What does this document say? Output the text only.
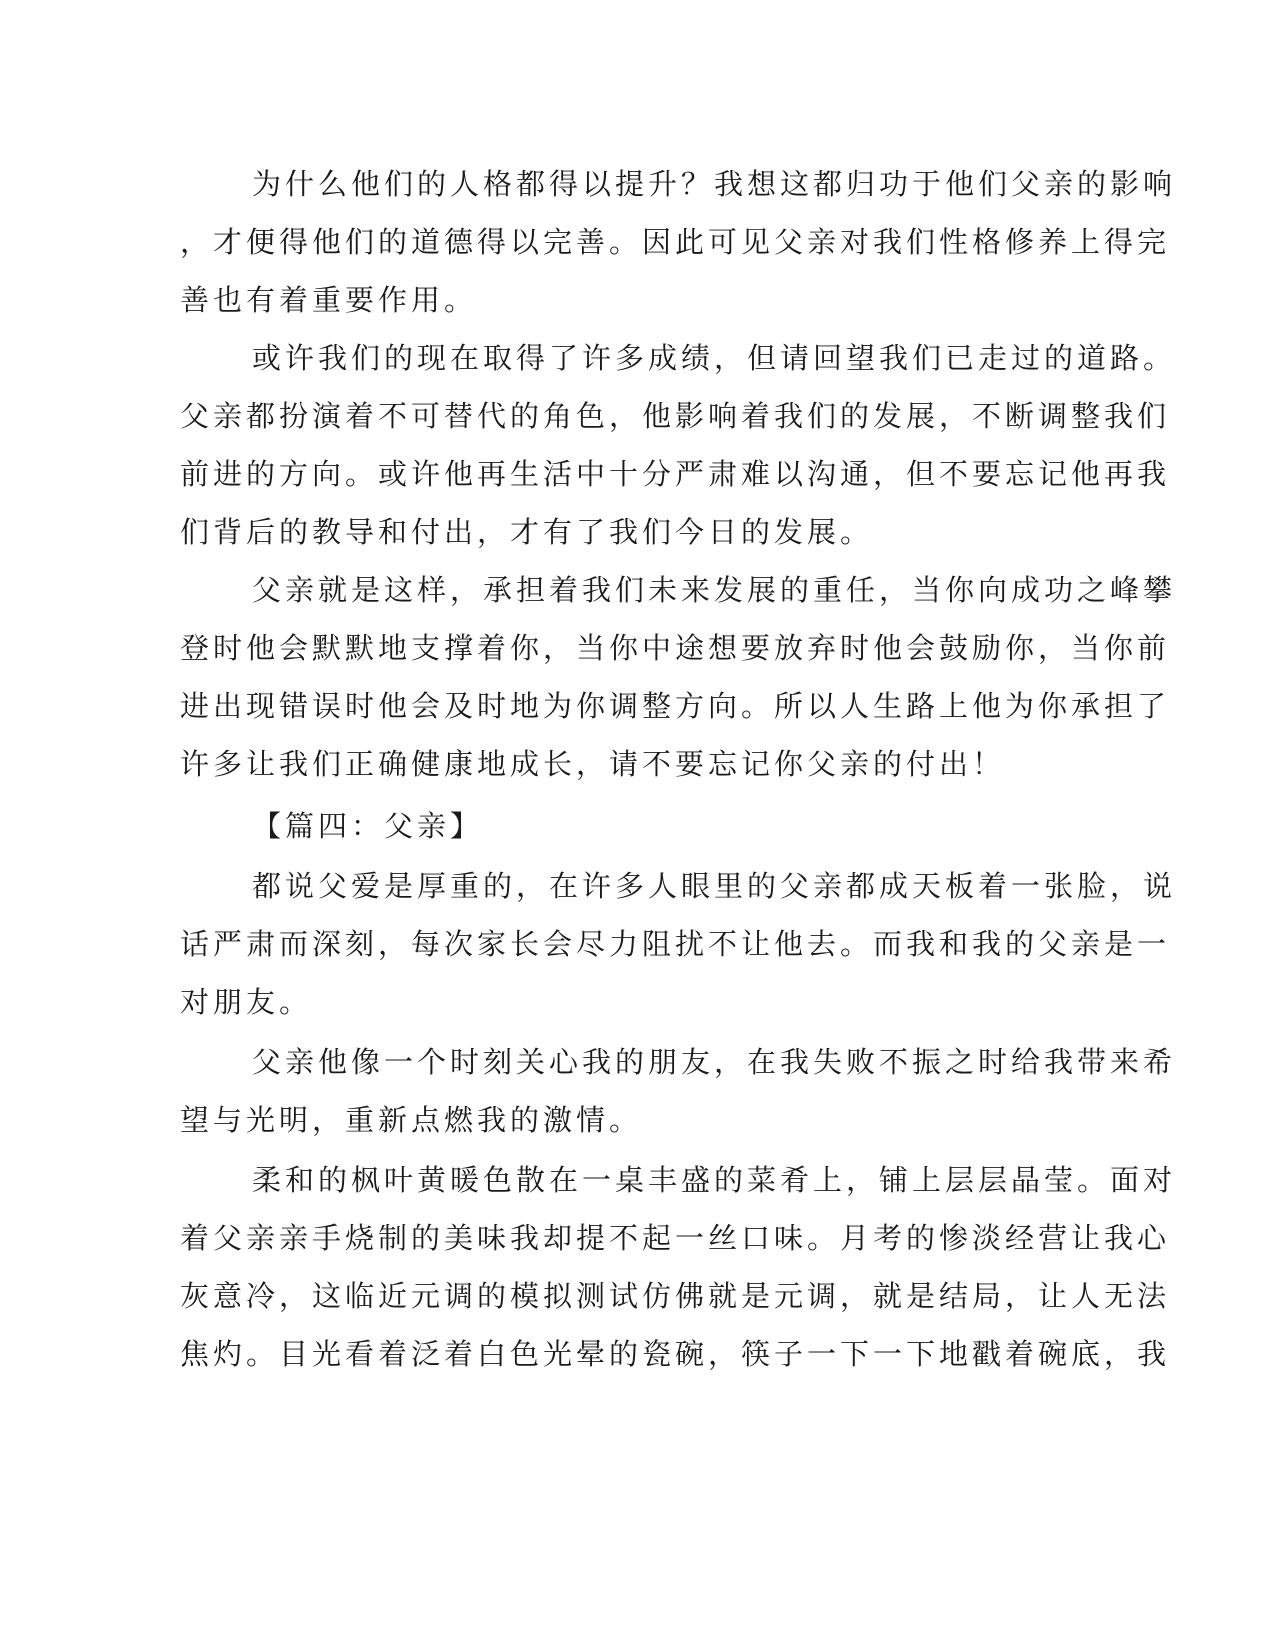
为什么他们的人格都得以提升？我想这都归功于他们父亲的影响
，才便得他们的道德得以完善。因此可见父亲对我们性格修养上得完
善也有着重要作用。
或许我们的现在取得了许多成绩，但请回望我们已走过的道路。
父亲都扮演着不可替代的角色，他影响着我们的发展，不断调整我们
前进的方向。或许他再生活中十分严肃难以沟通，但不要忘记他再我
们背后的教导和付出，才有了我们今日的发展。
父亲就是这样，承担着我们未来发展的重任，当你向成功之峰攀
登时他会默默地支撑着你，当你中途想要放弃时他会鼓励你，当你前
进出现错误时他会及时地为你调整方向。所以人生路上他为你承担了
许多让我们正确健康地成长，请不要忘记你父亲的付出！
【篇四：父亲】
都说父爱是厚重的，在许多人眼里的父亲都成天板着一张脸，说
话严肃而深刻，每次家长会尽力阻扰不让他去。而我和我的父亲是一
对朋友。
父亲他像一个时刻关心我的朋友，在我失败不振之时给我带来希
望与光明，重新点燃我的激情。
柔和的枫叶黄暖色散在一桌丰盛的菜肴上，铺上层层晶莹。面对
着父亲亲手烧制的美味我却提不起一丝口味。月考的惨淡经营让我心
灰意冷，这临近元调的模拟测试仿佛就是元调，就是结局，让人无法
焦灼。目光看着泛着白色光晕的瓷碗，筷子一下一下地戳着碗底，我
